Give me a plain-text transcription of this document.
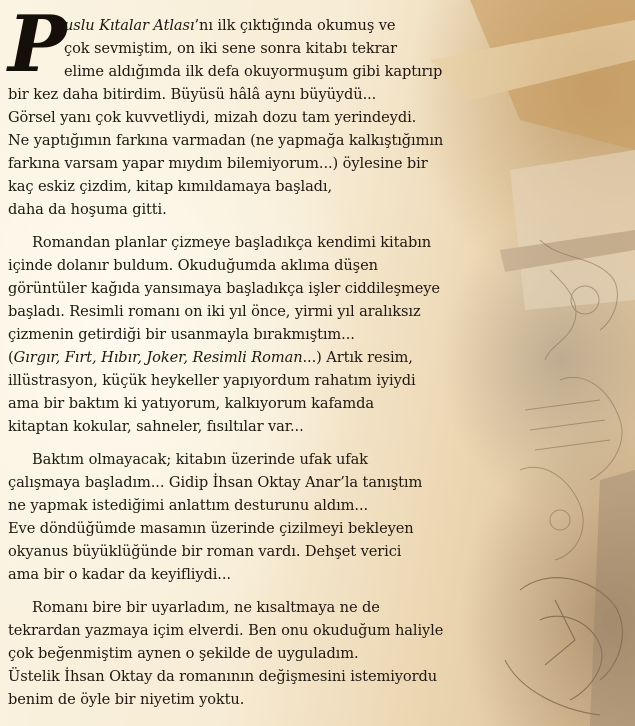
P

uslu Kıtalar Atlası’nı ilk çıktığında okumuş ve
çok sevmiştim, on iki sene sonra kitabı tekrar
elime aldığımda ilk defa okuyormuşum gibi kaptırıp
bir kez daha bitirdim. Büyüsü hâlâ aynı büyüydü...
Görsel yanı çok kuvvetliydi, mizah dozu tam yerindeydi.
Ne yaptığımın farkına varmadan (ne yapmağa kalkıştığımın
farkına varsam yapar mıydım bilemiyorum...) öylesine bir
kaç eskiz çizdim, kitap kımıldamaya başladı,
daha da hoşuma gitti.

Romandan planlar çizmeye başladıkça kendimi kitabın
içinde dolanır buldum. Okuduğumda aklıma düşen
görüntüler kağıda yansımaya başladıkça işler ciddileşmeye
başladı. Resimli romanı on iki yıl önce, yirmi yıl aralıksız
çizmenin getirdiği bir usanmayla bırakmıştım...
(Gırgır, Fırt, Hıbır, Joker, Resimli Roman...) Artık resim,
illüstrasyon, küçük heykeller yapıyordum rahatım iyiydi
ama bir baktım ki yatıyorum, kalkıyorum kafamda
kitaptan kokular, sahneler, fısıltılar var...

Baktım olmayacak; kitabın üzerinde ufak ufak
çalışmaya başladım... Gidip İhsan Oktay Anar’la tanıştım
ne yapmak istediğimi anlattım desturunu aldım...
Eve döndüğümde masamın üzerinde çizilmeyi bekleyen
okyanus büyüklüğünde bir roman vardı. Dehşet verici
ama bir o kadar da keyifliydi...

Romanı bire bir uyarladım, ne kısaltmaya ne de
tekrardan yazmaya içim elverdi. Ben onu okuduğum haliyle
çok beğenmiştim aynen o şekilde de uyguladım.
Üstelik İhsan Oktay da romanının değişmesini istemiyordu
benim de öyle bir niyetim yoktu.
